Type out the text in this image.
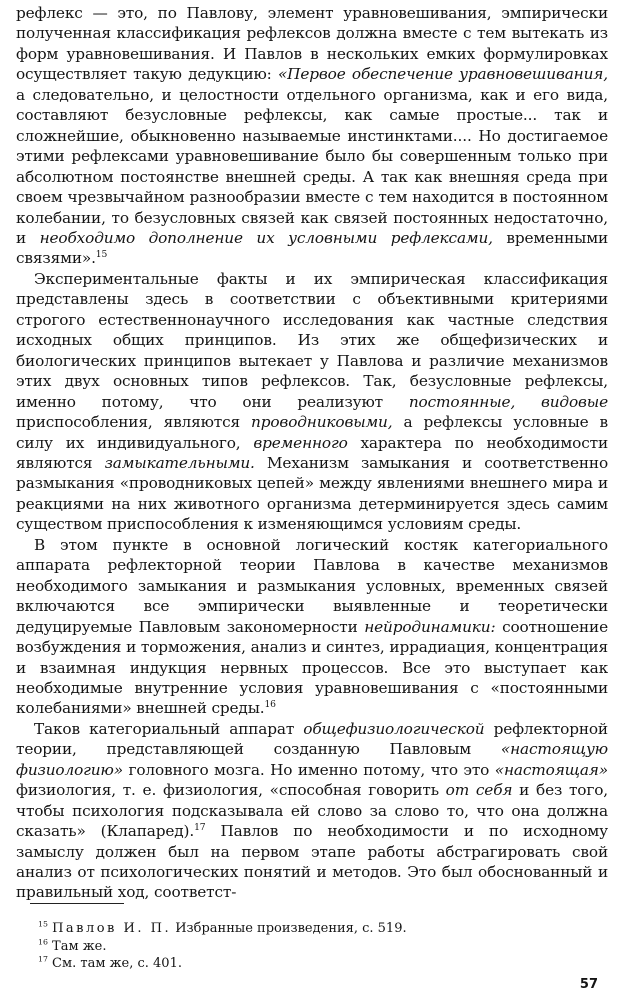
рефлекс — это, по Павлову, элемент уравновешивания, эмпирически полученная классификация рефлексов должна вместе с тем вытекать из форм уравновешивания. И Павлов в нескольких емких формулировках осуществляет такую дедукцию: «Первое обеспечение уравновешивания, а следовательно, и целостности отдельного организма, как и его вида, составляют безусловные рефлексы, как самые простые... так и сложнейшие, обыкновенно называемые инстинктами.... Но достигаемое этими рефлексами уравновешивание было бы совершенным только при абсолютном постоянстве внешней среды. А так как внешняя среда при своем чрезвычайном разнообразии вместе с тем находится в постоянном колебании, то безусловных связей как связей постоянных недостаточно, и необходимо дополнение их условными рефлексами, временными связями».$^{15}$

Экспериментальные факты и их эмпирическая классификация представлены здесь в соответствии с объективными критериями строгого естественнонаучного исследования как частные следствия исходных общих принципов. Из этих же общефизических и биологических принципов вытекает у Павлова и различие механизмов этих двух основных типов рефлексов. Так, безусловные рефлексы, именно потому, что они реализуют постоянные, видовые приспособления, являются проводниковыми, а рефлексы условные в силу их индивидуального, временного характера по необходимости являются замыкательными. Механизм замыкания и соответственно размыкания «проводниковых цепей» между явлениями внешнего мира и реакциями на них животного организма детерминируется здесь самим существом приспособления к изменяющимся условиям среды.

В этом пункте в основной логический костяк категориального аппарата рефлекторной теории Павлова в качестве механизмов необходимого замыкания и размыкания условных, временных связей включаются все эмпирически выявленные и теоретически дедуцируемые Павловым закономерности нейродинамики: соотношение возбуждения и торможения, анализ и синтез, иррадиация, концентрация и взаимная индукция нервных процессов. Все это выступает как необходимые внутренние условия уравновешивания с «постоянными колебаниями» внешней среды.$^{16}$

Таков категориальный аппарат общефизиологической рефлекторной теории, представляющей созданную Павловым «настоящую физиологию» головного мозга. Но именно потому, что это «настоящая» физиология, т. е. физиология, «способная говорить от себя и без того, чтобы психология подсказывала ей слово за слово то, что она должна сказать» (Клапаред).$^{17}$ Павлов по необходимости и по исходному замыслу должен был на первом этапе работы абстрагировать свой анализ от психологических понятий и методов. Это был обоснованный и правильный ход, соответст-

$^{15}$ Павлов И. П. Избранные произведения, с. 519.
$^{16}$ Там же.
$^{17}$ См. там же, с. 401.
57
